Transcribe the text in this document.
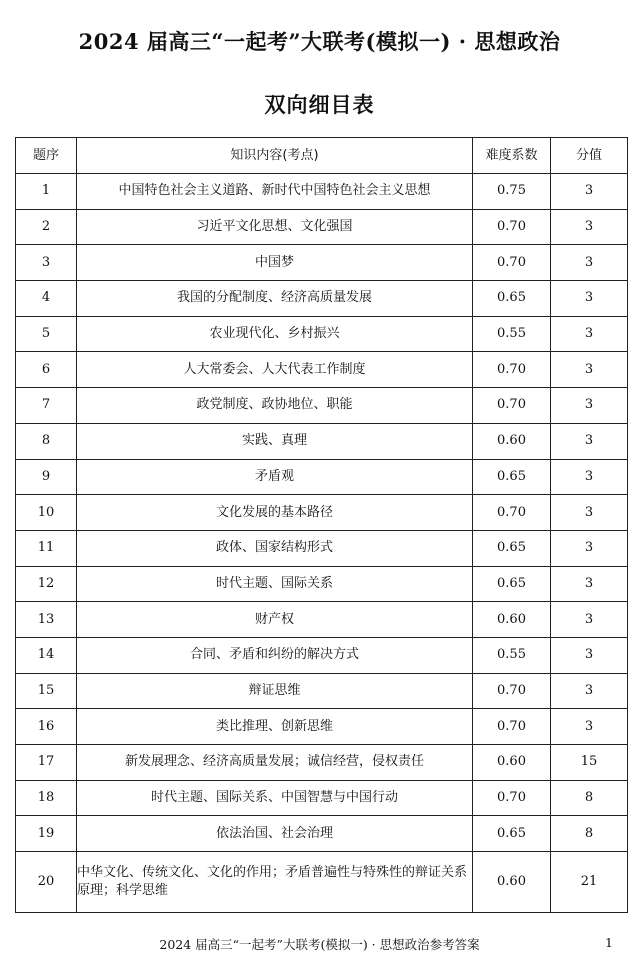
2024 届高三“一起考”大联考(模拟一) · 思想政治
双向细目表
题序	知识内容(考点)	难度系数	分值
1	中国特色社会主义道路、新时代中国特色社会主义思想	0.75	3
2	习近平文化思想、文化强国	0.70	3
3	中国梦	0.70	3
4	我国的分配制度、经济高质量发展	0.65	3
5	农业现代化、乡村振兴	0.55	3
6	人大常委会、人大代表工作制度	0.70	3
7	政党制度、政协地位、职能	0.70	3
8	实践、真理	0.60	3
9	矛盾观	0.65	3
10	文化发展的基本路径	0.70	3
11	政体、国家结构形式	0.65	3
12	时代主题、国际关系	0.65	3
13	财产权	0.60	3
14	合同、矛盾和纠纷的解决方式	0.55	3
15	辩证思维	0.70	3
16	类比推理、创新思维	0.70	3
17	新发展理念、经济高质量发展；诚信经营，侵权责任	0.60	15
18	时代主题、国际关系、中国智慧与中国行动	0.70	8
19	依法治国、社会治理	0.65	8
20	中华文化、传统文化、文化的作用；矛盾普遍性与特殊性的辩证关系原理；科学思维	0.60	21
2024 届高三“一起考”大联考(模拟一) · 思想政治参考答案	1
